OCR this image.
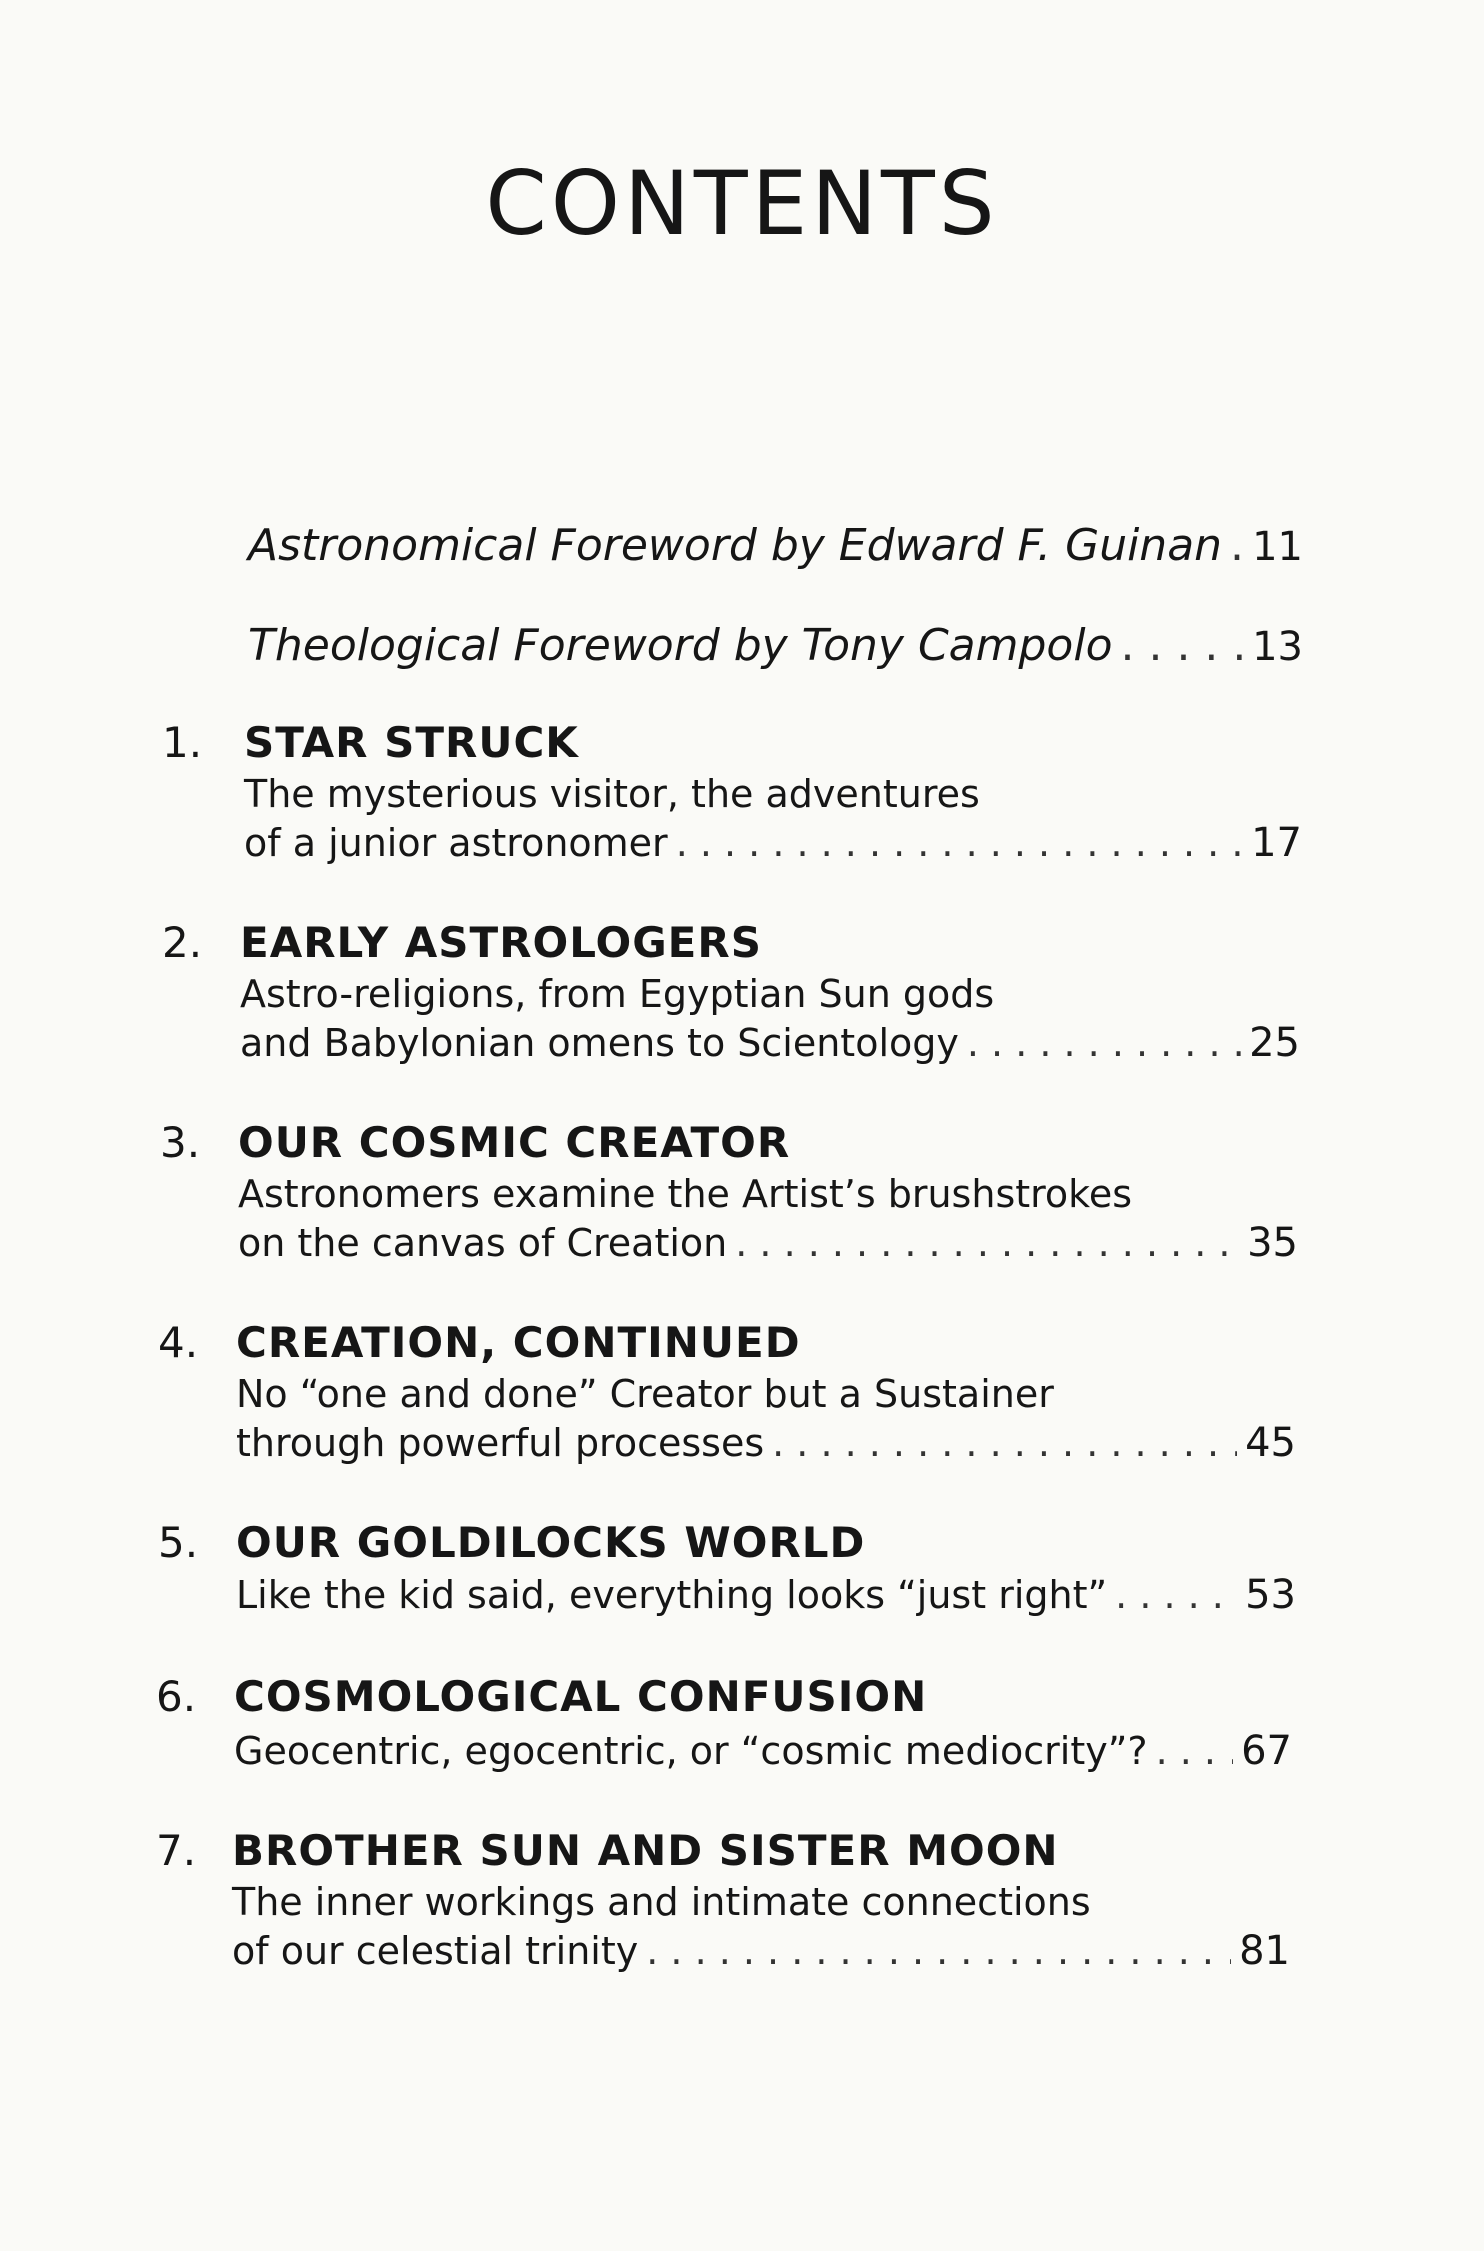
CONTENTS
Astronomical Foreword by Edward F. Guinan . . . 11
Theological Foreword by Tony Campolo . . .	13
1. STAR STRUCK
The mysterious visitor, the adventures
of a junior astronomer . . .	17
2. EARLY ASTROLOGERS
Astro-religions, from Egyptian Sun gods
and Babylonian omens to Scientology . . .	25
3. OUR COSMIC CREATOR
Astronomers examine the Artist’s brushstrokes
on the canvas of Creation . . .	35
4. CREATION, CONTINUED
No “one and done” Creator but a Sustainer
through powerful processes . . .	45
5. OUR GOLDILOCKS WORLD
Like the kid said, everything looks “just right” . . .	53
6. COSMOLOGICAL CONFUSION
Geocentric, egocentric, or “cosmic mediocrity”? . . . 67
7. BROTHER SUN AND SISTER MOON
The inner workings and intimate connections
of our celestial trinity . . .	81
